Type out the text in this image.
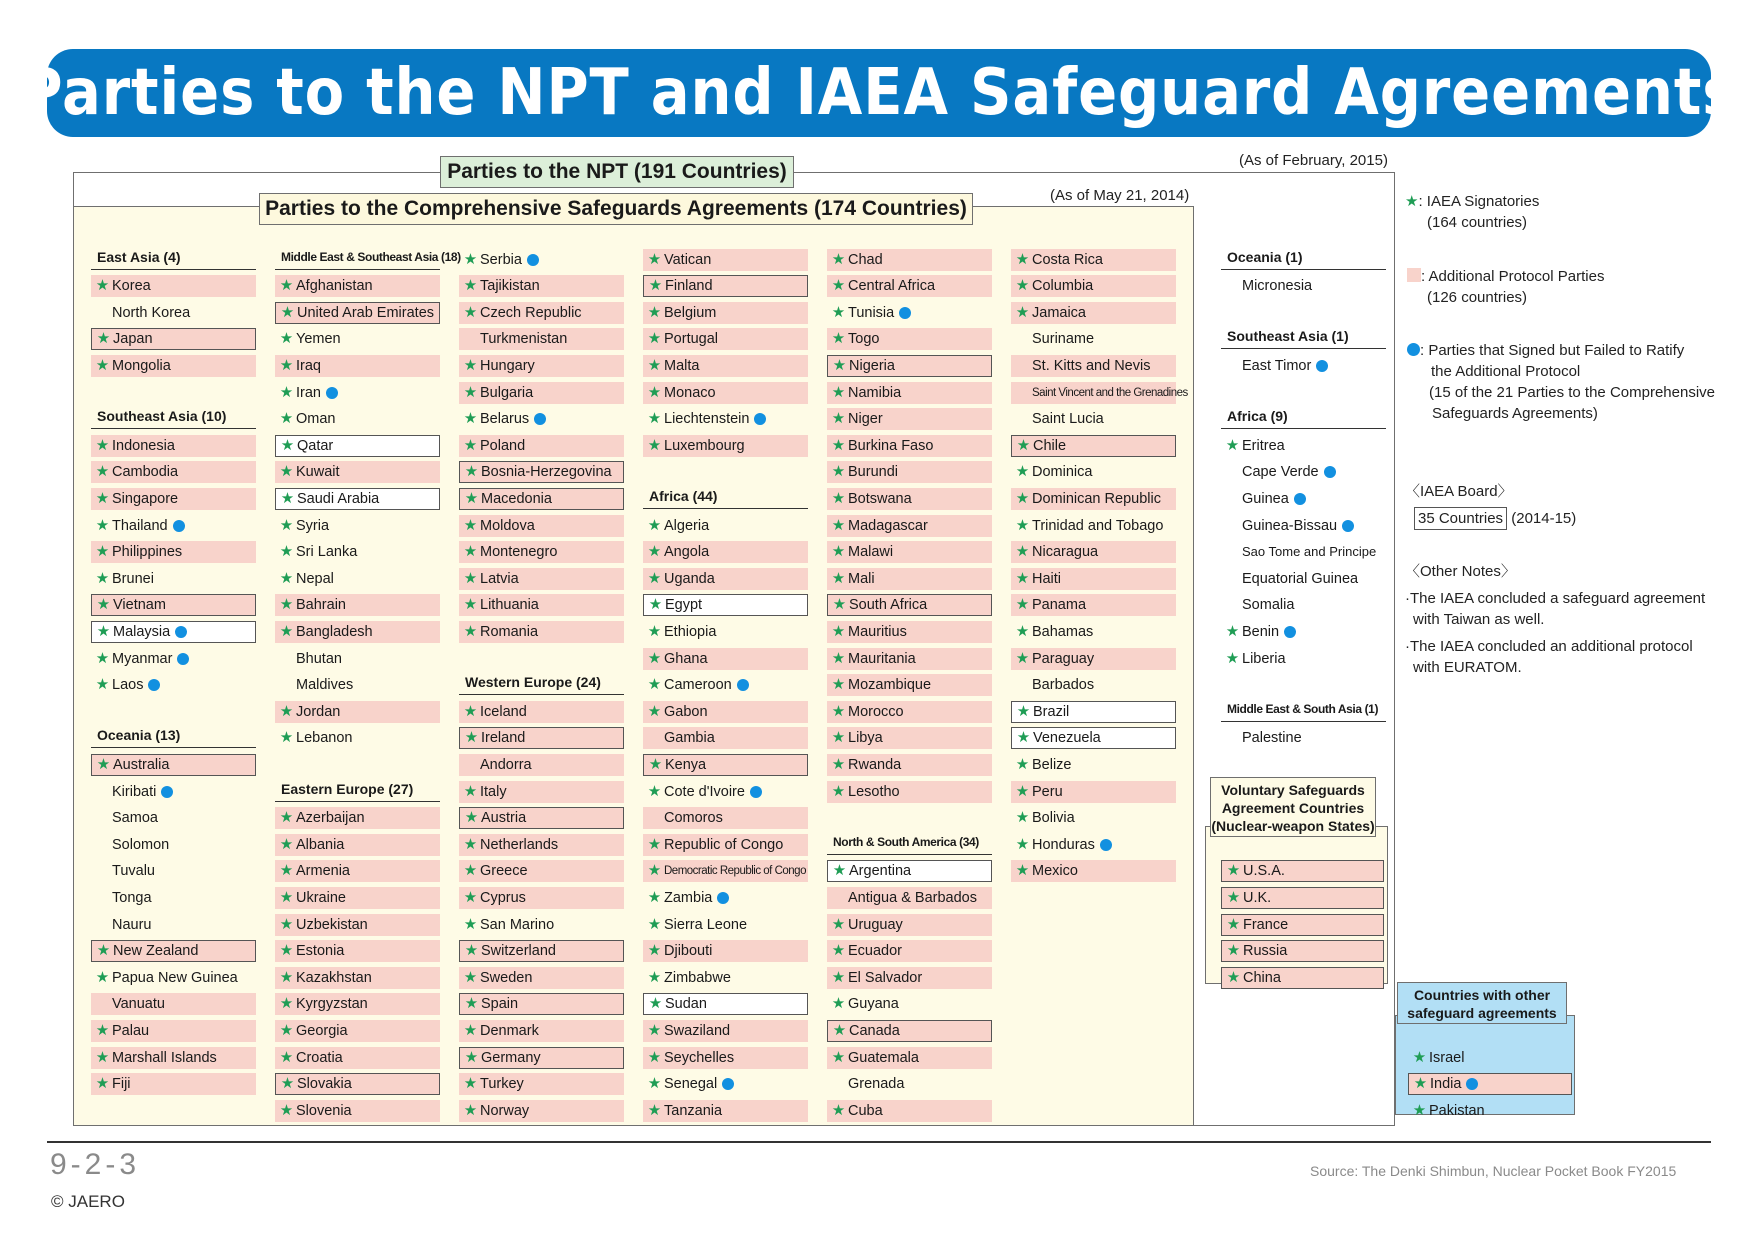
Parties to the NPT and IAEA Safeguard Agreements
(As of February, 2015)
Parties to the NPT (191 Countries)
Parties to the Comprehensive Safeguards Agreements (174 Countries)
(As of May 21, 2014)
East Asia (4)
★ Korea
North Korea
★ Japan
★ Mongolia
Southeast Asia (10)
★ Indonesia
★ Cambodia
★ Singapore
★ Thailand
★ Philippines
★ Brunei
★ Vietnam
★ Malaysia
★ Myanmar
★ Laos
Oceania (13)
★ Australia
Kiribati
Samoa
Solomon
Tuvalu
Tonga
Nauru
★ New Zealand
★ Papua New Guinea
Vanuatu
★ Palau
★ Marshall Islands
★ Fiji
Middle East & Southeast Asia (18)
★ Afghanistan
★ United Arab Emirates
★ Yemen
★ Iraq
★ Iran
★ Oman
★ Qatar
★ Kuwait
★ Saudi Arabia
★ Syria
★ Sri Lanka
★ Nepal
★ Bahrain
★ Bangladesh
Bhutan
Maldives
★ Jordan
★ Lebanon
Eastern Europe (27)
★ Azerbaijan
★ Albania
★ Armenia
★ Ukraine
★ Uzbekistan
★ Estonia
★ Kazakhstan
★ Kyrgyzstan
★ Georgia
★ Croatia
★ Slovakia
★ Slovenia
★ Serbia
★ Tajikistan
★ Czech Republic
Turkmenistan
★ Hungary
★ Bulgaria
★ Belarus
★ Poland
★ Bosnia-Herzegovina
★ Macedonia
★ Moldova
★ Montenegro
★ Latvia
★ Lithuania
★ Romania
Western Europe (24)
★ Iceland
★ Ireland
Andorra
★ Italy
★ Austria
★ Netherlands
★ Greece
★ Cyprus
★ San Marino
★ Switzerland
★ Sweden
★ Spain
★ Denmark
★ Germany
★ Turkey
★ Norway
★ Vatican
★ Finland
★ Belgium
★ Portugal
★ Malta
★ Monaco
★ Liechtenstein
★ Luxembourg
Africa (44)
★ Algeria
★ Angola
★ Uganda
★ Egypt
★ Ethiopia
★ Ghana
★ Cameroon
★ Gabon
Gambia
★ Kenya
★ Cote d'Ivoire
Comoros
★ Republic of Congo
★ Democratic Republic of Congo
★ Zambia
★ Sierra Leone
★ Djibouti
★ Zimbabwe
★ Sudan
★ Swaziland
★ Seychelles
★ Senegal
★ Tanzania
★ Chad
★ Central Africa
★ Tunisia
★ Togo
★ Nigeria
★ Namibia
★ Niger
★ Burkina Faso
★ Burundi
★ Botswana
★ Madagascar
★ Malawi
★ Mali
★ South Africa
★ Mauritius
★ Mauritania
★ Mozambique
★ Morocco
★ Libya
★ Rwanda
★ Lesotho
North & South America (34)
★ Argentina
Antigua & Barbados
★ Uruguay
★ Ecuador
★ El Salvador
★ Guyana
★ Canada
★ Guatemala
Grenada
★ Cuba
★ Costa Rica
★ Columbia
★ Jamaica
Suriname
St. Kitts and Nevis
Saint Vincent and the Grenadines
Saint Lucia
★ Chile
★ Dominica
★ Dominican Republic
★ Trinidad and Tobago
★ Nicaragua
★ Haiti
★ Panama
★ Bahamas
★ Paraguay
Barbados
★ Brazil
★ Venezuela
★ Belize
★ Peru
★ Bolivia
★ Honduras
★ Mexico
Oceania (1)
Micronesia
Southeast Asia (1)
East Timor
Africa (9)
★ Eritrea
Cape Verde
Guinea
Guinea-Bissau
Sao Tome and Principe
Equatorial Guinea
Somalia
★ Benin
★ Liberia
Middle East & South Asia (1)
Palestine
Voluntary Safeguards
Agreement Countries
(Nuclear-weapon States)
Countries with other
safeguard agreements
★ U.S.A.
★ U.K.
★ France
★ Russia
★ China
★ Israel
★ India
★ Pakistan
★: IAEA Signatories
(164 countries)
: Additional Protocol Parties
(126 countries)
: Parties that Signed but Failed to Ratify
the Additional Protocol
(15 of the 21 Parties to the Comprehensive
Safeguards Agreements)
〈IAEA Board〉
35 Countries (2014-15)
〈Other Notes〉
·The IAEA concluded a safeguard agreement
with Taiwan as well.
·The IAEA concluded an additional protocol
with EURATOM.
9-2-3
© JAERO
Source: The Denki Shimbun, Nuclear Pocket Book FY2015
